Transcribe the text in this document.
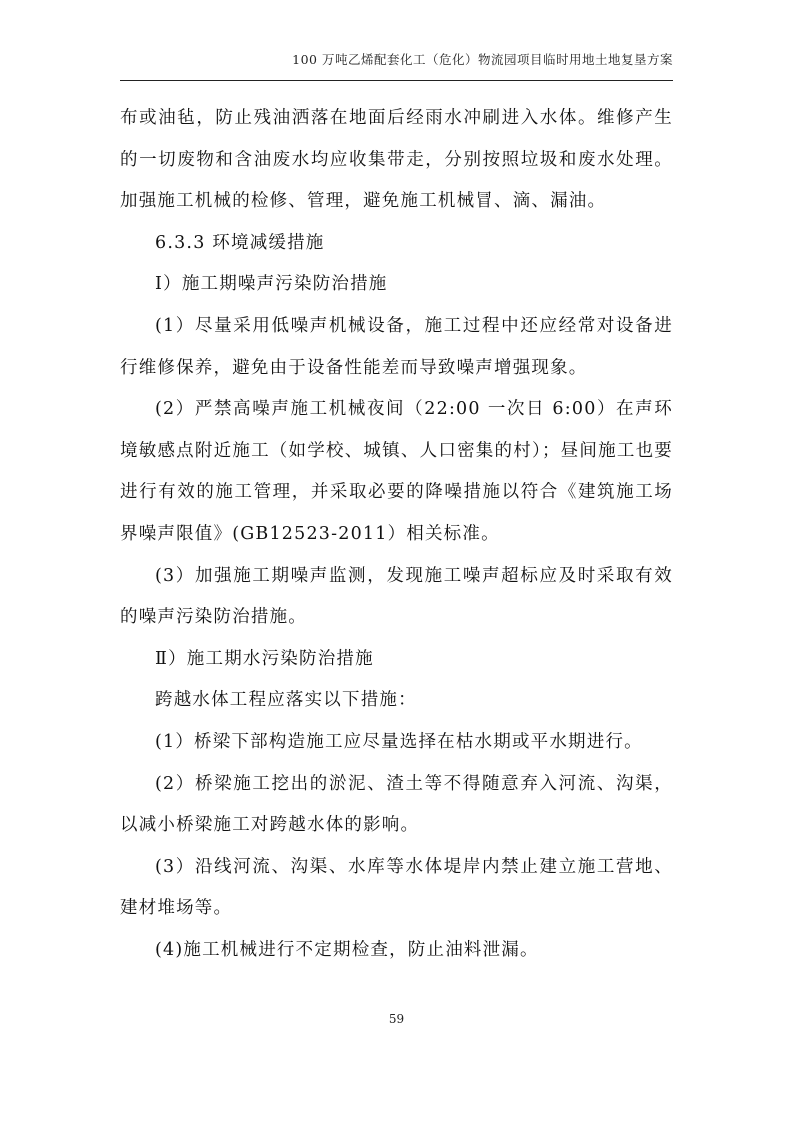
100 万吨乙烯配套化工（危化）物流园项目临时用地土地复垦方案

布或油毡，防止残油洒落在地面后经雨水冲刷进入水体。维修产生的一切废物和含油废水均应收集带走，分别按照垃圾和废水处理。加强施工机械的检修、管理，避免施工机械冒、滴、漏油。

6.3.3 环境减缓措施

Ⅰ）施工期噪声污染防治措施

(1）尽量采用低噪声机械设备，施工过程中还应经常对设备进行维修保养，避免由于设备性能差而导致噪声增强现象。

(2）严禁高噪声施工机械夜间（22:00 一次日 6:00）在声环境敏感点附近施工（如学校、城镇、人口密集的村）；昼间施工也要进行有效的施工管理，并采取必要的降噪措施以符合《建筑施工场界噪声限值》(GB12523-2011）相关标准。

(3）加强施工期噪声监测，发现施工噪声超标应及时采取有效的噪声污染防治措施。

Ⅱ）施工期水污染防治措施

跨越水体工程应落实以下措施：

(1）桥梁下部构造施工应尽量选择在枯水期或平水期进行。

(2）桥梁施工挖出的淤泥、渣土等不得随意弃入河流、沟渠，以减小桥梁施工对跨越水体的影响。

(3）沿线河流、沟渠、水库等水体堤岸内禁止建立施工营地、建材堆场等。

(4)施工机械进行不定期检查，防止油料泄漏。

59
